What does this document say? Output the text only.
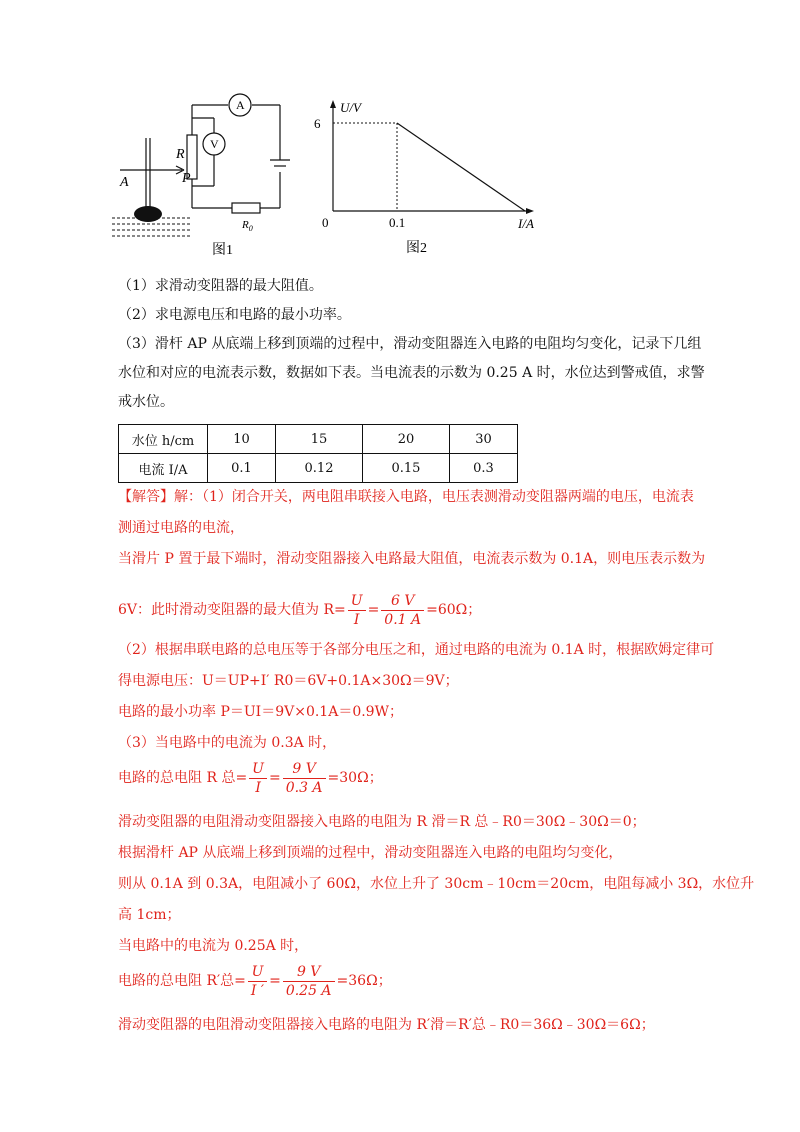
A
V
R
P
A
$R_0$
图1
U/V
I/A
0	0.1
6
图2
（1）求滑动变阻器的最大阻值。
（2）求电源电压和电路的最小功率。
（3）滑杆 AP 从底端上移到顶端的过程中，滑动变阻器连入电路的电阻均匀变化，记录下几组
水位和对应的电流表示数，数据如下表。当电流表的示数为 0.25 A 时，水位达到警戒值，求警
戒水位。
水位 h/cm	10	15	20	30
电流 I/A	0.1	0.12	0.15	0.3
【解答】解：（1）闭合开关，两电阻串联接入电路，电压表测滑动变阻器两端的电压，电流表
测通过电路的电流，
当滑片 P 置于最下端时，滑动变阻器接入电路最大阻值，电流表示数为 0.1A，则电压表示数为
6V：此时滑动变阻器的最大值为 $R= \frac{U}{I} = \frac{6 V}{0.1 A} =60\Omega$；
（2）根据串联电路的总电压等于各部分电压之和，通过电路的电流为 0.1A 时，根据欧姆定律可
得电源电压：U＝UP+I′ R0＝6V+0.1A×30Ω＝9V；
电路的最小功率 P＝UI＝9V×0.1A＝0.9W；
（3）当电路中的电流为 0.3A 时，
电路的总电阻 R 总= $\frac{U}{I} = \frac{9 V}{0.3 A} =30\Omega$；
滑动变阻器的电阻滑动变阻器接入电路的电阻为 R 滑＝R 总﹣R0＝30Ω﹣30Ω＝0；
根据滑杆 AP 从底端上移到顶端的过程中，滑动变阻器连入电路的电阻均匀变化，
则从 0.1A 到 0.3A，电阻减小了 60Ω，水位上升了 30cm﹣10cm＝20cm，电阻每减小 3Ω，水位升
高 1cm；
当电路中的电流为 0.25A 时，
电路的总电阻 R′总= $\frac{U}{I '} = \frac{9 V}{0.25 A} =36\Omega$；
滑动变阻器的电阻滑动变阻器接入电路的电阻为 R′滑＝R′总﹣R0＝36Ω﹣30Ω＝6Ω；
